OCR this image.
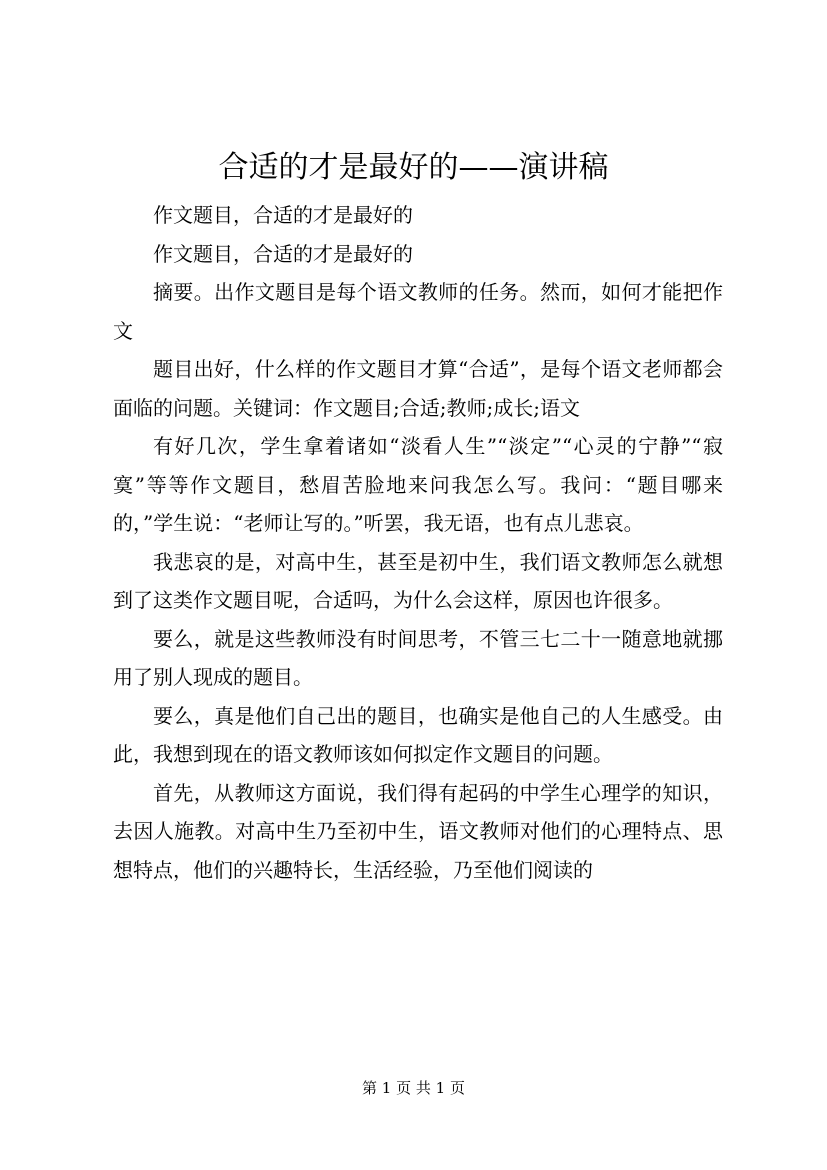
合适的才是最好的——演讲稿

作文题目，合适的才是最好的

作文题目，合适的才是最好的

摘要。出作文题目是每个语文教师的任务。然而，如何才能把作文

题目出好，什么样的作文题目才算“合适”，是每个语文老师都会面临的问题。关键词：作文题目;合适;教师;成长;语文

有好几次，学生拿着诸如“淡看人生”“淡定”“心灵的宁静”“寂寞”等等作文题目，愁眉苦脸地来问我怎么写。我问：“题目哪来的，”学生说：“老师让写的。”听罢，我无语，也有点儿悲哀。

我悲哀的是，对高中生，甚至是初中生，我们语文教师怎么就想到了这类作文题目呢，合适吗，为什么会这样，原因也许很多。

要么，就是这些教师没有时间思考，不管三七二十一随意地就挪用了别人现成的题目。

要么，真是他们自己出的题目，也确实是他自己的人生感受。由此，我想到现在的语文教师该如何拟定作文题目的问题。

首先，从教师这方面说，我们得有起码的中学生心理学的知识，去因人施教。对高中生乃至初中生，语文教师对他们的心理特点、思想特点，他们的兴趣特长，生活经验，乃至他们阅读的

第 1 页 共 1 页
